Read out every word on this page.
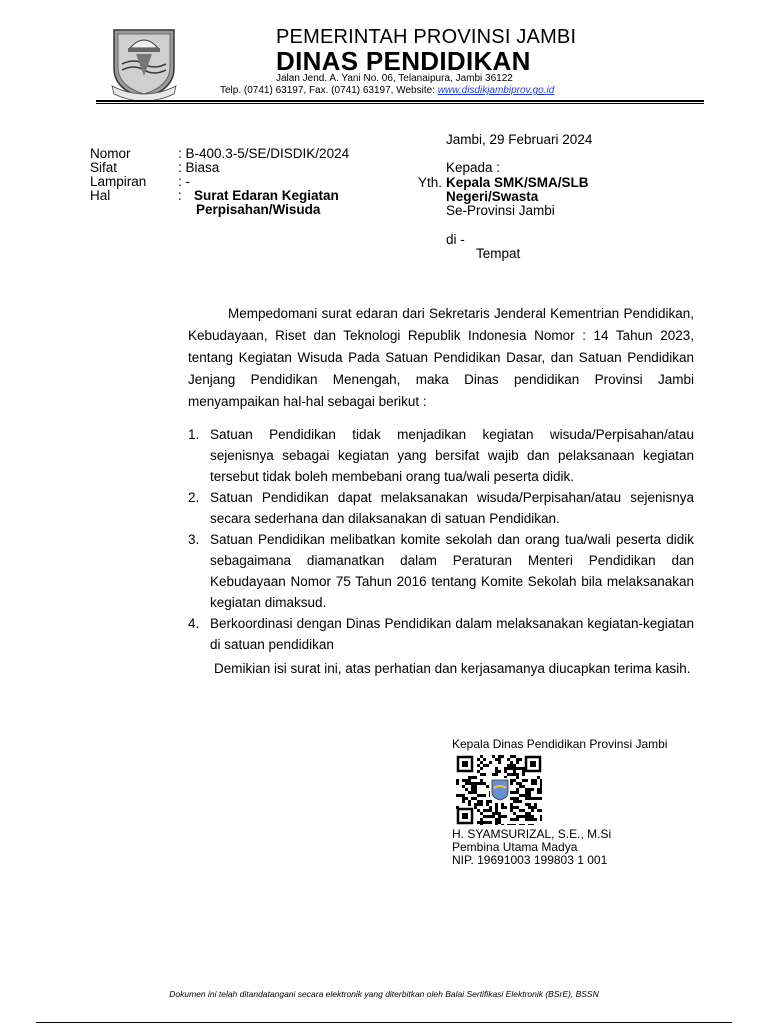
PEMERINTAH PROVINSI JAMBI
DINAS PENDIDIKAN
Jalan Jend. A. Yani No. 06, Telanaipura, Jambi 36122
Telp. (0741) 63197, Fax. (0741) 63197, Website: www.disdikjambiprov.go.id
Jambi, 29 Februari 2024
Nomor	: B-400.3-5/SE/DISDIK/2024
Sifat	: Biasa
Lampiran : -
Hal	: Surat Edaran Kegiatan
Perpisahan/Wisuda
Kepada :
Yth. Kepala SMK/SMA/SLB
Negeri/Swasta
Se-Provinsi Jambi
di -
Tempat

Mempedomani surat edaran dari Sekretaris Jenderal Kementrian Pendidikan, Kebudayaan, Riset dan Teknologi Republik Indonesia Nomor : 14 Tahun 2023, tentang Kegiatan Wisuda Pada Satuan Pendidikan Dasar, dan Satuan Pendidikan Jenjang Pendidikan Menengah, maka Dinas pendidikan Provinsi Jambi menyampaikan hal-hal sebagai berikut :

1. Satuan Pendidikan tidak menjadikan kegiatan wisuda/Perpisahan/atau sejenisnya sebagai kegiatan yang bersifat wajib dan pelaksanaan kegiatan tersebut tidak boleh membebani orang tua/wali peserta didik.
2. Satuan Pendidikan dapat melaksanakan wisuda/Perpisahan/atau sejenisnya secara sederhana dan dilaksanakan di satuan Pendidikan.
3. Satuan Pendidikan melibatkan komite sekolah dan orang tua/wali peserta didik sebagaimana diamanatkan dalam Peraturan Menteri Pendidikan dan Kebudayaan Nomor 75 Tahun 2016 tentang Komite Sekolah bila melaksanakan kegiatan dimaksud.
4. Berkoordinasi dengan Dinas Pendidikan dalam melaksanakan kegiatan-kegiatan di satuan pendidikan

Demikian isi surat ini, atas perhatian dan kerjasamanya diucapkan terima kasih.

Kepala Dinas Pendidikan Provinsi Jambi
H. SYAMSURIZAL, S.E., M.Si
Pembina Utama Madya
NIP. 19691003 199803 1 001
Dokumen ini telah ditandatangani secara elektronik yang diterbitkan oleh Balai Sertifikasi Elektronik (BSrE), BSSN
